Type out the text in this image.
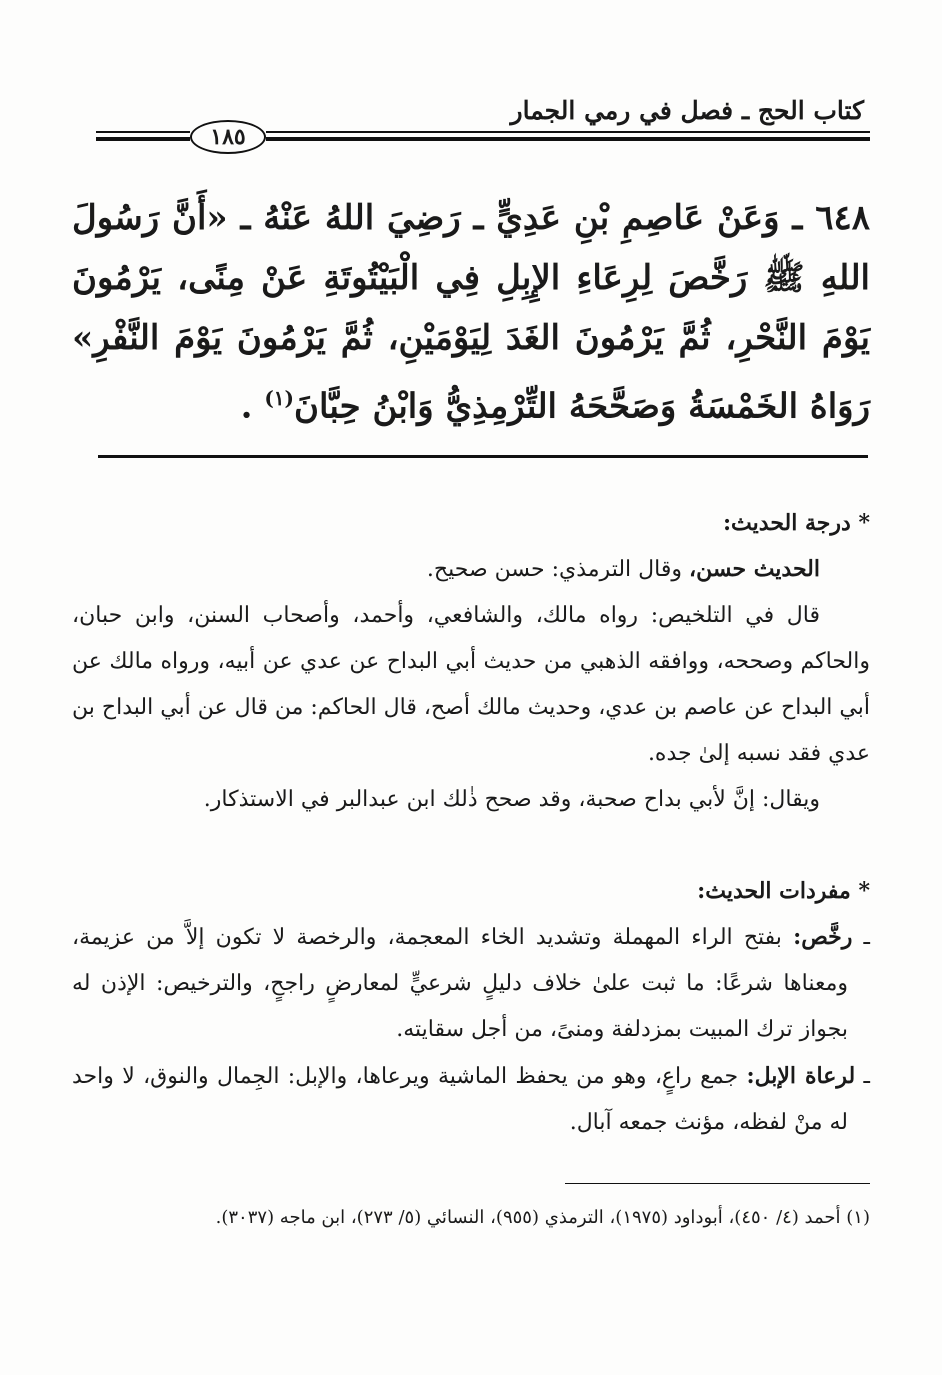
كتاب الحج ـ فصل في رمي الجمار
١٨٥
٦٤٨ ـ وَعَنْ عَاصِمِ بْنِ عَدِيٍّ ـ رَضِيَ اللهُ عَنْهُ ـ «أَنَّ رَسُولَ اللهِ ﷺ رَخَّصَ لِرِعَاءِ الإِبِلِ فِي الْبَيْتُوتَةِ عَنْ مِنًى، يَرْمُونَ يَوْمَ النَّحْرِ، ثُمَّ يَرْمُونَ الغَدَ لِيَوْمَيْنِ، ثُمَّ يَرْمُونَ يَوْمَ النَّفْرِ» رَوَاهُ الخَمْسَةُ وَصَحَّحَهُ التِّرْمِذِيُّ وَابْنُ حِبَّانَ$^{(١)}$ .
* درجة الحديث:
الحديث حسن، وقال الترمذي: حسن صحيح.
قال في التلخيص: رواه مالك، والشافعي، وأحمد، وأصحاب السنن، وابن حبان، والحاكم وصححه، ووافقه الذهبي من حديث أبي البداح عن عدي عن أبيه، ورواه مالك عن أبي البداح عن عاصم بن عدي، وحديث مالك أصح، قال الحاكم: من قال عن أبي البداح بن عدي فقد نسبه إلىٰ جده.
ويقال: إنَّ لأبي بداح صحبة، وقد صحح ذٰلك ابن عبدالبر في الاستذكار.
* مفردات الحديث:
ـ رخَّص: بفتح الراء المهملة وتشديد الخاء المعجمة، والرخصة لا تكون إلاَّ من عزيمة، ومعناها شرعًا: ما ثبت علىٰ خلاف دليلٍ شرعيٍّ لمعارضٍ راجحٍ، والترخيص: الإذن له بجواز ترك المبيت بمزدلفة ومنىً، من أجل سقايته.
ـ لرعاة الإبل: جمع راعٍ، وهو من يحفظ الماشية ويرعاها، والإبل: الجِمال والنوق، لا واحد له منْ لفظه، مؤنث جمعه آبال.
(١) أحمد (٤/ ٤٥٠)، أبوداود (١٩٧٥)، الترمذي (٩٥٥)، النسائي (٥/ ٢٧٣)، ابن ماجه (٣٠٣٧).
